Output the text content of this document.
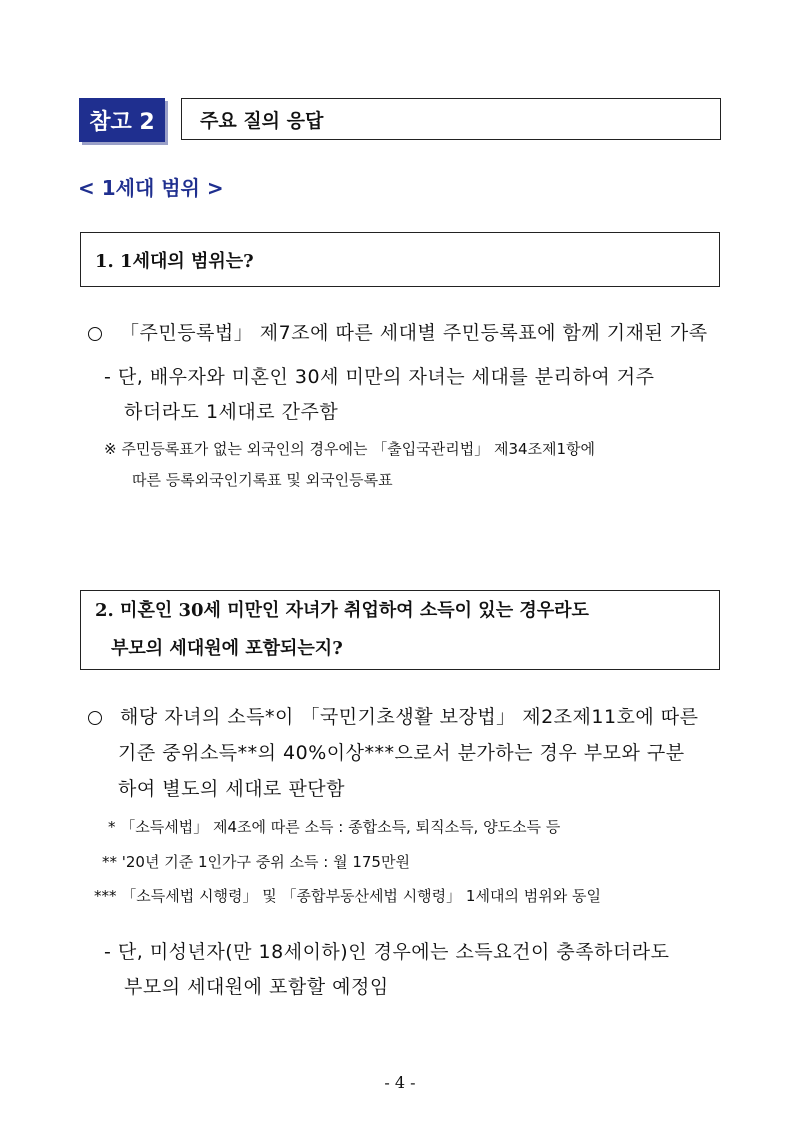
참고 2	주요 질의 응답
< 1세대 범위 >
1. 1세대의 범위는?
「주민등록법」 제7조에 따른 세대별 주민등록표에 함께 기재된 가족
- 단, 배우자와 미혼인 30세 미만의 자녀는 세대를 분리하여 거주
하더라도 1세대로 간주함
※ 주민등록표가 없는 외국인의 경우에는 「출입국관리법」 제34조제1항에
따른 등록외국인기록표 및 외국인등록표
2. 미혼인 30세 미만인 자녀가 취업하여 소득이 있는 경우라도
부모의 세대원에 포함되는지?
해당 자녀의 소득*이 「국민기초생활 보장법」 제2조제11호에 따른
기준 중위소득**의 40%이상***으로서 분가하는 경우 부모와 구분
하여 별도의 세대로 판단함
* 「소득세법」 제4조에 따른 소득 : 종합소득, 퇴직소득, 양도소득 등
** '20년 기준 1인가구 중위 소득 : 월 175만원
*** 「소득세법 시행령」 및 「종합부동산세법 시행령」 1세대의 범위와 동일
- 단, 미성년자(만 18세이하)인 경우에는 소득요건이 충족하더라도
부모의 세대원에 포함할 예정임
- 4 -
